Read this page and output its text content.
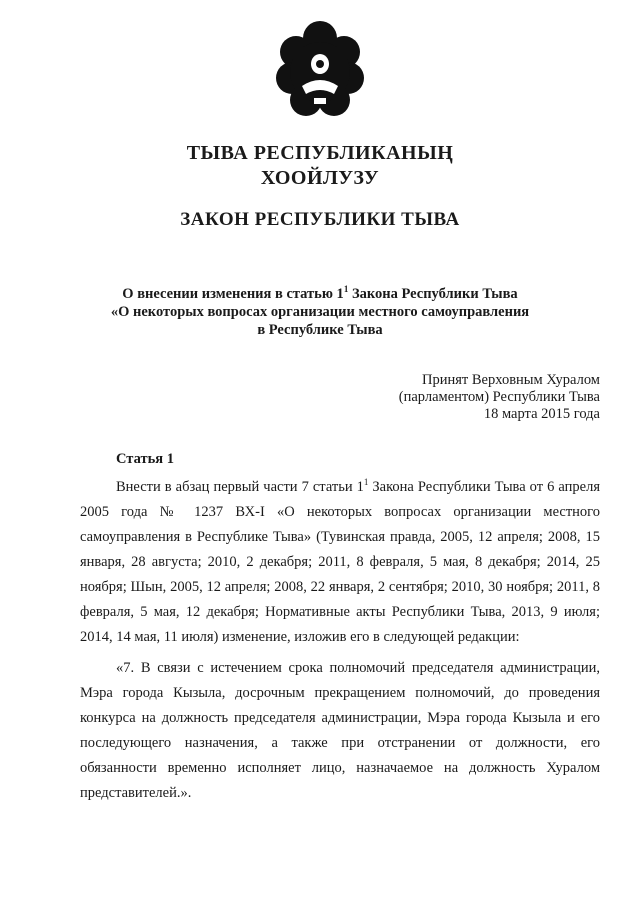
ТЫВА РЕСПУБЛИКАНЫҢ
ХООЙЛУЗУ
ЗАКОН РЕСПУБЛИКИ ТЫВА
О внесении изменения в статью $1^1$ Закона Республики Тыва
«О некоторых вопросах организации местного самоуправления
в Республике Тыва
Принят Верховным Хуралом
(парламентом) Республики Тыва
18 марта 2015 года
Статья 1
Внести в абзац первый части 7 статьи $1^1$ Закона Республики Тыва от 6 апреля 2005 года № 1237 ВХ-I «О некоторых вопросах организации местного самоуправления в Республике Тыва» (Тувинская правда, 2005, 12 апреля; 2008, 15 января, 28 августа; 2010, 2 декабря; 2011, 8 февраля, 5 мая, 8 декабря; 2014, 25 ноября; Шын, 2005, 12 апреля; 2008, 22 января, 2 сентября; 2010, 30 ноября; 2011, 8 февраля, 5 мая, 12 декабря; Нормативные акты Республики Тыва, 2013, 9 июля; 2014, 14 мая, 11 июля) изменение, изложив его в следующей редакции:
«7. В связи с истечением срока полномочий председателя администрации, Мэра города Кызыла, досрочным прекращением полномочий, до проведения конкурса на должность председателя администрации, Мэра города Кызыла и его последующего назначения, а также при отстранении от должности, его обязанности временно исполняет лицо, назначаемое на должность Хуралом представителей.».
